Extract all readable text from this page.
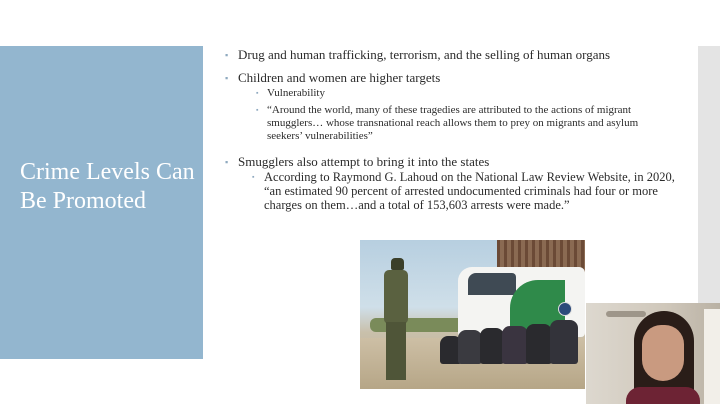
Crime Levels Can Be Promoted
▪ Drug and human trafficking, terrorism, and the selling of human organs
▪ Children and women are higher targets
▪ Vulnerability
▪ “Around the world, many of these tragedies are attributed to the actions of migrant smugglers… whose transnational reach allows them to prey on migrants and asylum seekers’ vulnerabilities”
▪ Smugglers also attempt to bring it into the states
▪ According to Raymond G. Lahoud on the National Law Review Website, in 2020, “an estimated 90 percent of arrested undocumented criminals had four or more charges on them…and a total of 153,603 arrests were made.”
